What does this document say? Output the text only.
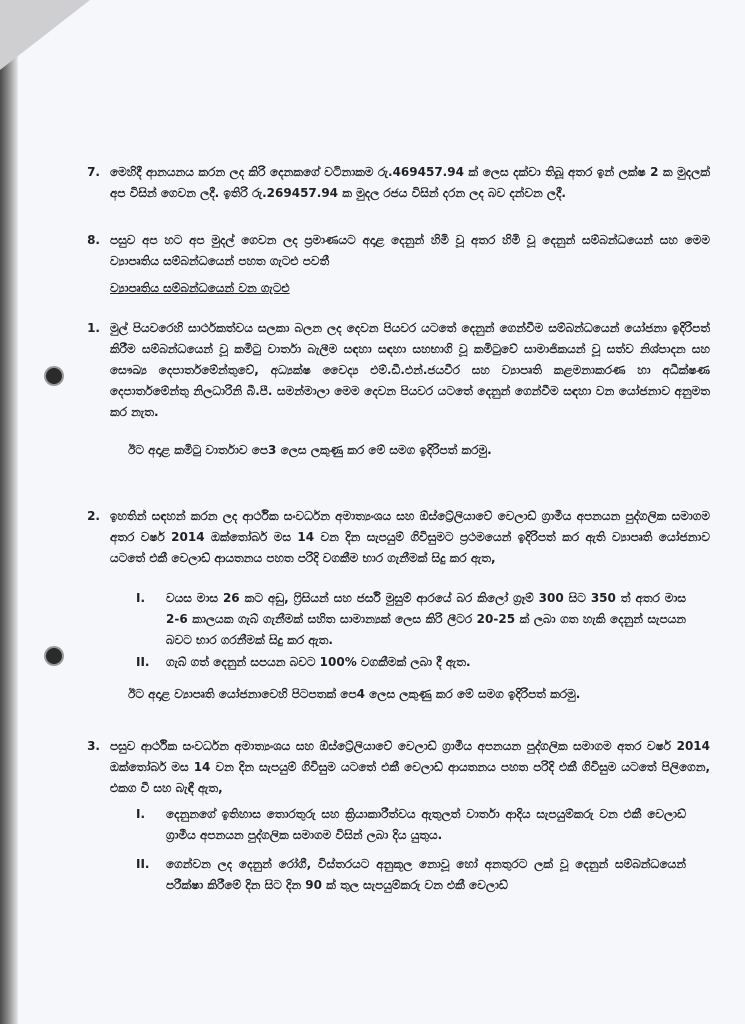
7. මෙහිදී ආනයනය කරන ලද කිරි දෙනකගේ වටිනාකම රු.469457.94 ක් ලෙස දක්වා තිබූ අතර ඉන් ලක්ෂ 2 ක මුදලක් අප විසින් ගෙවන ලදී. ඉතිරි රු.269457.94 ක මුදල රජය විසින් දරන ලද බව දන්වන ලදී.
8. පසුව අප හට අප මුදල් ගෙවන ලද ප්‍රමාණයට අදාළ දෙනුන් හිමි වූ අතර හිමි වූ දෙනුන් සම්බන්ධයෙන් සහ මෙම ව්‍යාපෘතිය සම්බන්ධයෙන් පහත ගැටළු පවතී
ව්‍යාපෘතිය සම්බන්ධයෙන් වන ගැටළු
1. මුල් පියවරෙහි සාර්ථකත්වය සලකා බලන ලද දෙවන පියවර යටතේ දෙනුන් ගෙන්වීම සම්බන්ධයෙන් යෝජනා ඉදිරිපත් කිරීම සම්බන්ධයෙන් වූ කමිටු වාර්තා බැලීම සඳහා සඳහා සහභාගි වූ කමිටුවේ සාමාජිකයන් වූ සත්ව නිශ්පාදන සහ සෞඛ්‍ය දෙපාර්තමේන්තුවේ, අධ්‍යක්ෂ වෛද්‍ය එම්.ඩී.එන්.ජයවීර සහ ව්‍යාපෘති කළමනාකරණ හා අධීක්ෂණ දෙපාර්තමේන්තු නිලධාරිනි බී.පී. සමන්මාලා මෙම දෙවන පියවර යටතේ දෙනුන් ගෙන්වීම සඳහා වන යෝජනාව අනුමත කර නැත.
ඊට අදාළ කමිටු වාර්තාව පෙ3 ලෙස ලකුණු කර මේ සමග ඉදිරිපත් කරමු.
2. ඉහතින් සඳහන් කරන ලද ආර්ථික සංවර්ධන අමාත්‍යංශය සහ ඕස්ට්‍රේලියාවේ වෙලාඩ් ග්‍රාමීය අපනයන පුද්ගලික සමාගම අතර වර්ෂ 2014 ඔක්තෝබර් මස 14 වන දින සැපයුම් ගිවිසුමට ප්‍රථමයෙන් ඉදිරිපත් කර ඇති ව්‍යාපෘති යෝජනාව යටතේ එකී වෙලාඩ් ආයතනය පහත පරිදි වගකීම භාර ගැනීමක් සිදු කර ඇත,
I.	වයස මාස 26 කට අඩු, ෆ්‍රිසියන් සහ ජර්සි මුසුම් ආරයේ බර කිලෝ ග්‍රෑම් 300 සිට 350 ත් අතර මාස 2-6 කාලයක ගැබ් ගැනීමක් සහිත සාමාන්‍යක් ලෙස කිරි ලීටර 20-25 ක් ලබා ගත හැකි දෙනුන් සැපයන බවට භාර ගරනීමක් සිදු කර ඇත.
II.	ගැබ් ගත් දෙනුන් සපයන බවට 100% වගකීමක් ලබා දී ඇත.
ඊට අදාළ ව්‍යාපෘති යෝජනාවෙහි පිටපතක් පෙ4 ලෙස ලකුණු කර මේ සමග ඉදිරිපත් කරමු.
3. පසුව ආර්ථික සංවර්ධන අමාත්‍යංශය සහ ඕස්ට්‍රේලියාවේ වෙලාඩ් ග්‍රාමීය අපනයන පුද්ගලික සමාගම අතර වර්ෂ 2014 ඔක්තෝබර් මස 14 වන දින සැපයුම් ගිවිසුම යටතේ එකී වෙලාඩ් ආයතනය පහත පරිදි එකී ගිවිසුම යටතේ පිලිගෙන, එකග වී සහ බැඳී ඇත,
I.	දෙනුනගේ ඉතිහාස තොරතුරු සහ ක්‍රියාකාරීත්වය ඇතුලත් වාර්තා ආදිය සැපයුම්කරු වන එකී වෙලාඩ් ග්‍රාමීය අපනයන පුද්ගලික සමාගම විසින් ලබා දිය යුතුය.
II.	ගෙන්වන ලද දෙනුන් රෝගී, විස්තරයට අනුකූල නොවූ හෝ අනතුරට ලක් වූ දෙනුන් සම්බන්ධයෙන් පරීක්ෂා කිරීමේ දින සිට දින 90 ක් තුල සැපයුම්කරු වන එකී වෙලාඩ්
